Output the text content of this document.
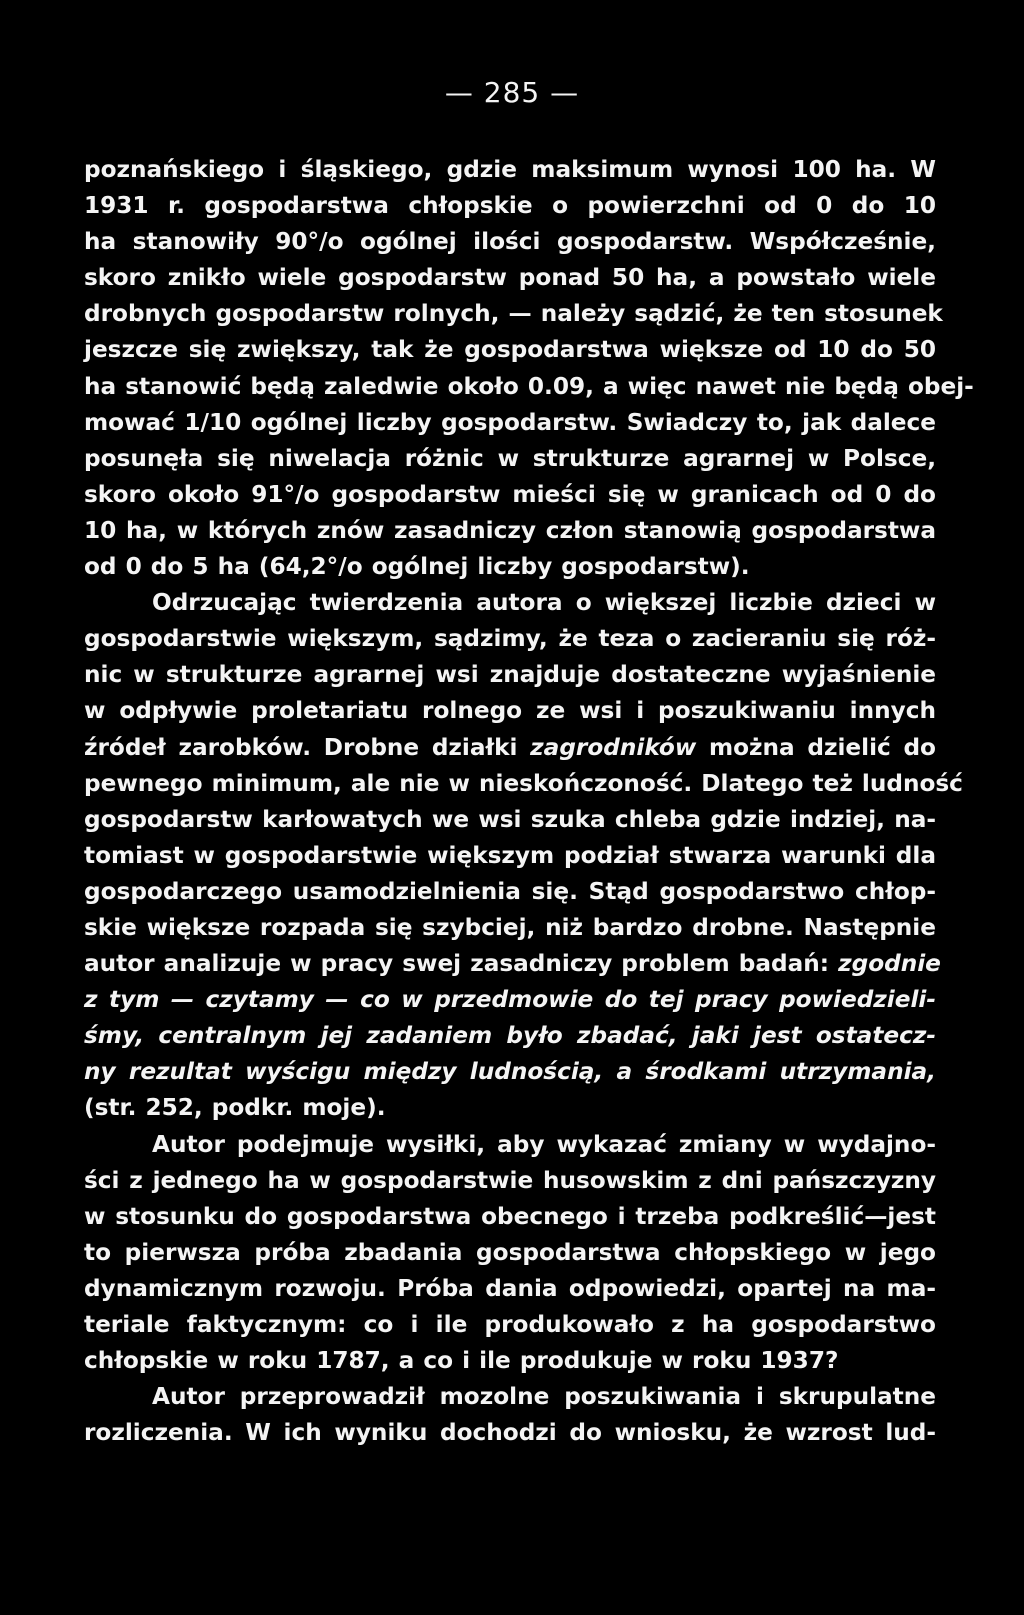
— 285 —
poznańskiego i śląskiego, gdzie maksimum wynosi 100 ha. W
1931 r. gospodarstwa chłopskie o powierzchni od 0 do 10
ha stanowiły 90°/o ogólnej ilości gospodarstw. Współcześnie,
skoro znikło wiele gospodarstw ponad 50 ha, a powstało wiele
drobnych gospodarstw rolnych, — należy sądzić, że ten stosunek
jeszcze się zwiększy, tak że gospodarstwa większe od 10 do 50
ha stanowić będą zaledwie około 0.09, a więc nawet nie będą obej-
mować 1/10 ogólnej liczby gospodarstw. Swiadczy to, jak dalece
posunęła się niwelacja różnic w strukturze agrarnej w Polsce,
skoro około 91°/o gospodarstw mieści się w granicach od 0 do
10 ha, w których znów zasadniczy człon stanowią gospodarstwa
od 0 do 5 ha (64,2°/o ogólnej liczby gospodarstw).
Odrzucając twierdzenia autora o większej liczbie dzieci w
gospodarstwie większym, sądzimy, że teza o zacieraniu się róż-
nic w strukturze agrarnej wsi znajduje dostateczne wyjaśnienie
w odpływie proletariatu rolnego ze wsi i poszukiwaniu innych
źródeł zarobków. Drobne działki zagrodników można dzielić do
pewnego minimum, ale nie w nieskończoność. Dlatego też ludność
gospodarstw karłowatych we wsi szuka chleba gdzie indziej, na-
tomiast w gospodarstwie większym podział stwarza warunki dla
gospodarczego usamodzielnienia się. Stąd gospodarstwo chłop-
skie większe rozpada się szybciej, niż bardzo drobne. Następnie
autor analizuje w pracy swej zasadniczy problem badań: zgodnie
z tym — czytamy — co w przedmowie do tej pracy powiedzieli-
śmy, centralnym jej zadaniem było zbadać, jaki jest ostatecz-
ny rezultat wyścigu między ludnością, a środkami utrzymania,
(str. 252, podkr. moje).
Autor podejmuje wysiłki, aby wykazać zmiany w wydajno-
ści z jednego ha w gospodarstwie husowskim z dni pańszczyzny
w stosunku do gospodarstwa obecnego i trzeba podkreślić—jest
to pierwsza próba zbadania gospodarstwa chłopskiego w jego
dynamicznym rozwoju. Próba dania odpowiedzi, opartej na ma-
teriale faktycznym: co i ile produkowało z ha gospodarstwo
chłopskie w roku 1787, a co i ile produkuje w roku 1937?
Autor przeprowadził mozolne poszukiwania i skrupulatne
rozliczenia. W ich wyniku dochodzi do wniosku, że wzrost lud-
